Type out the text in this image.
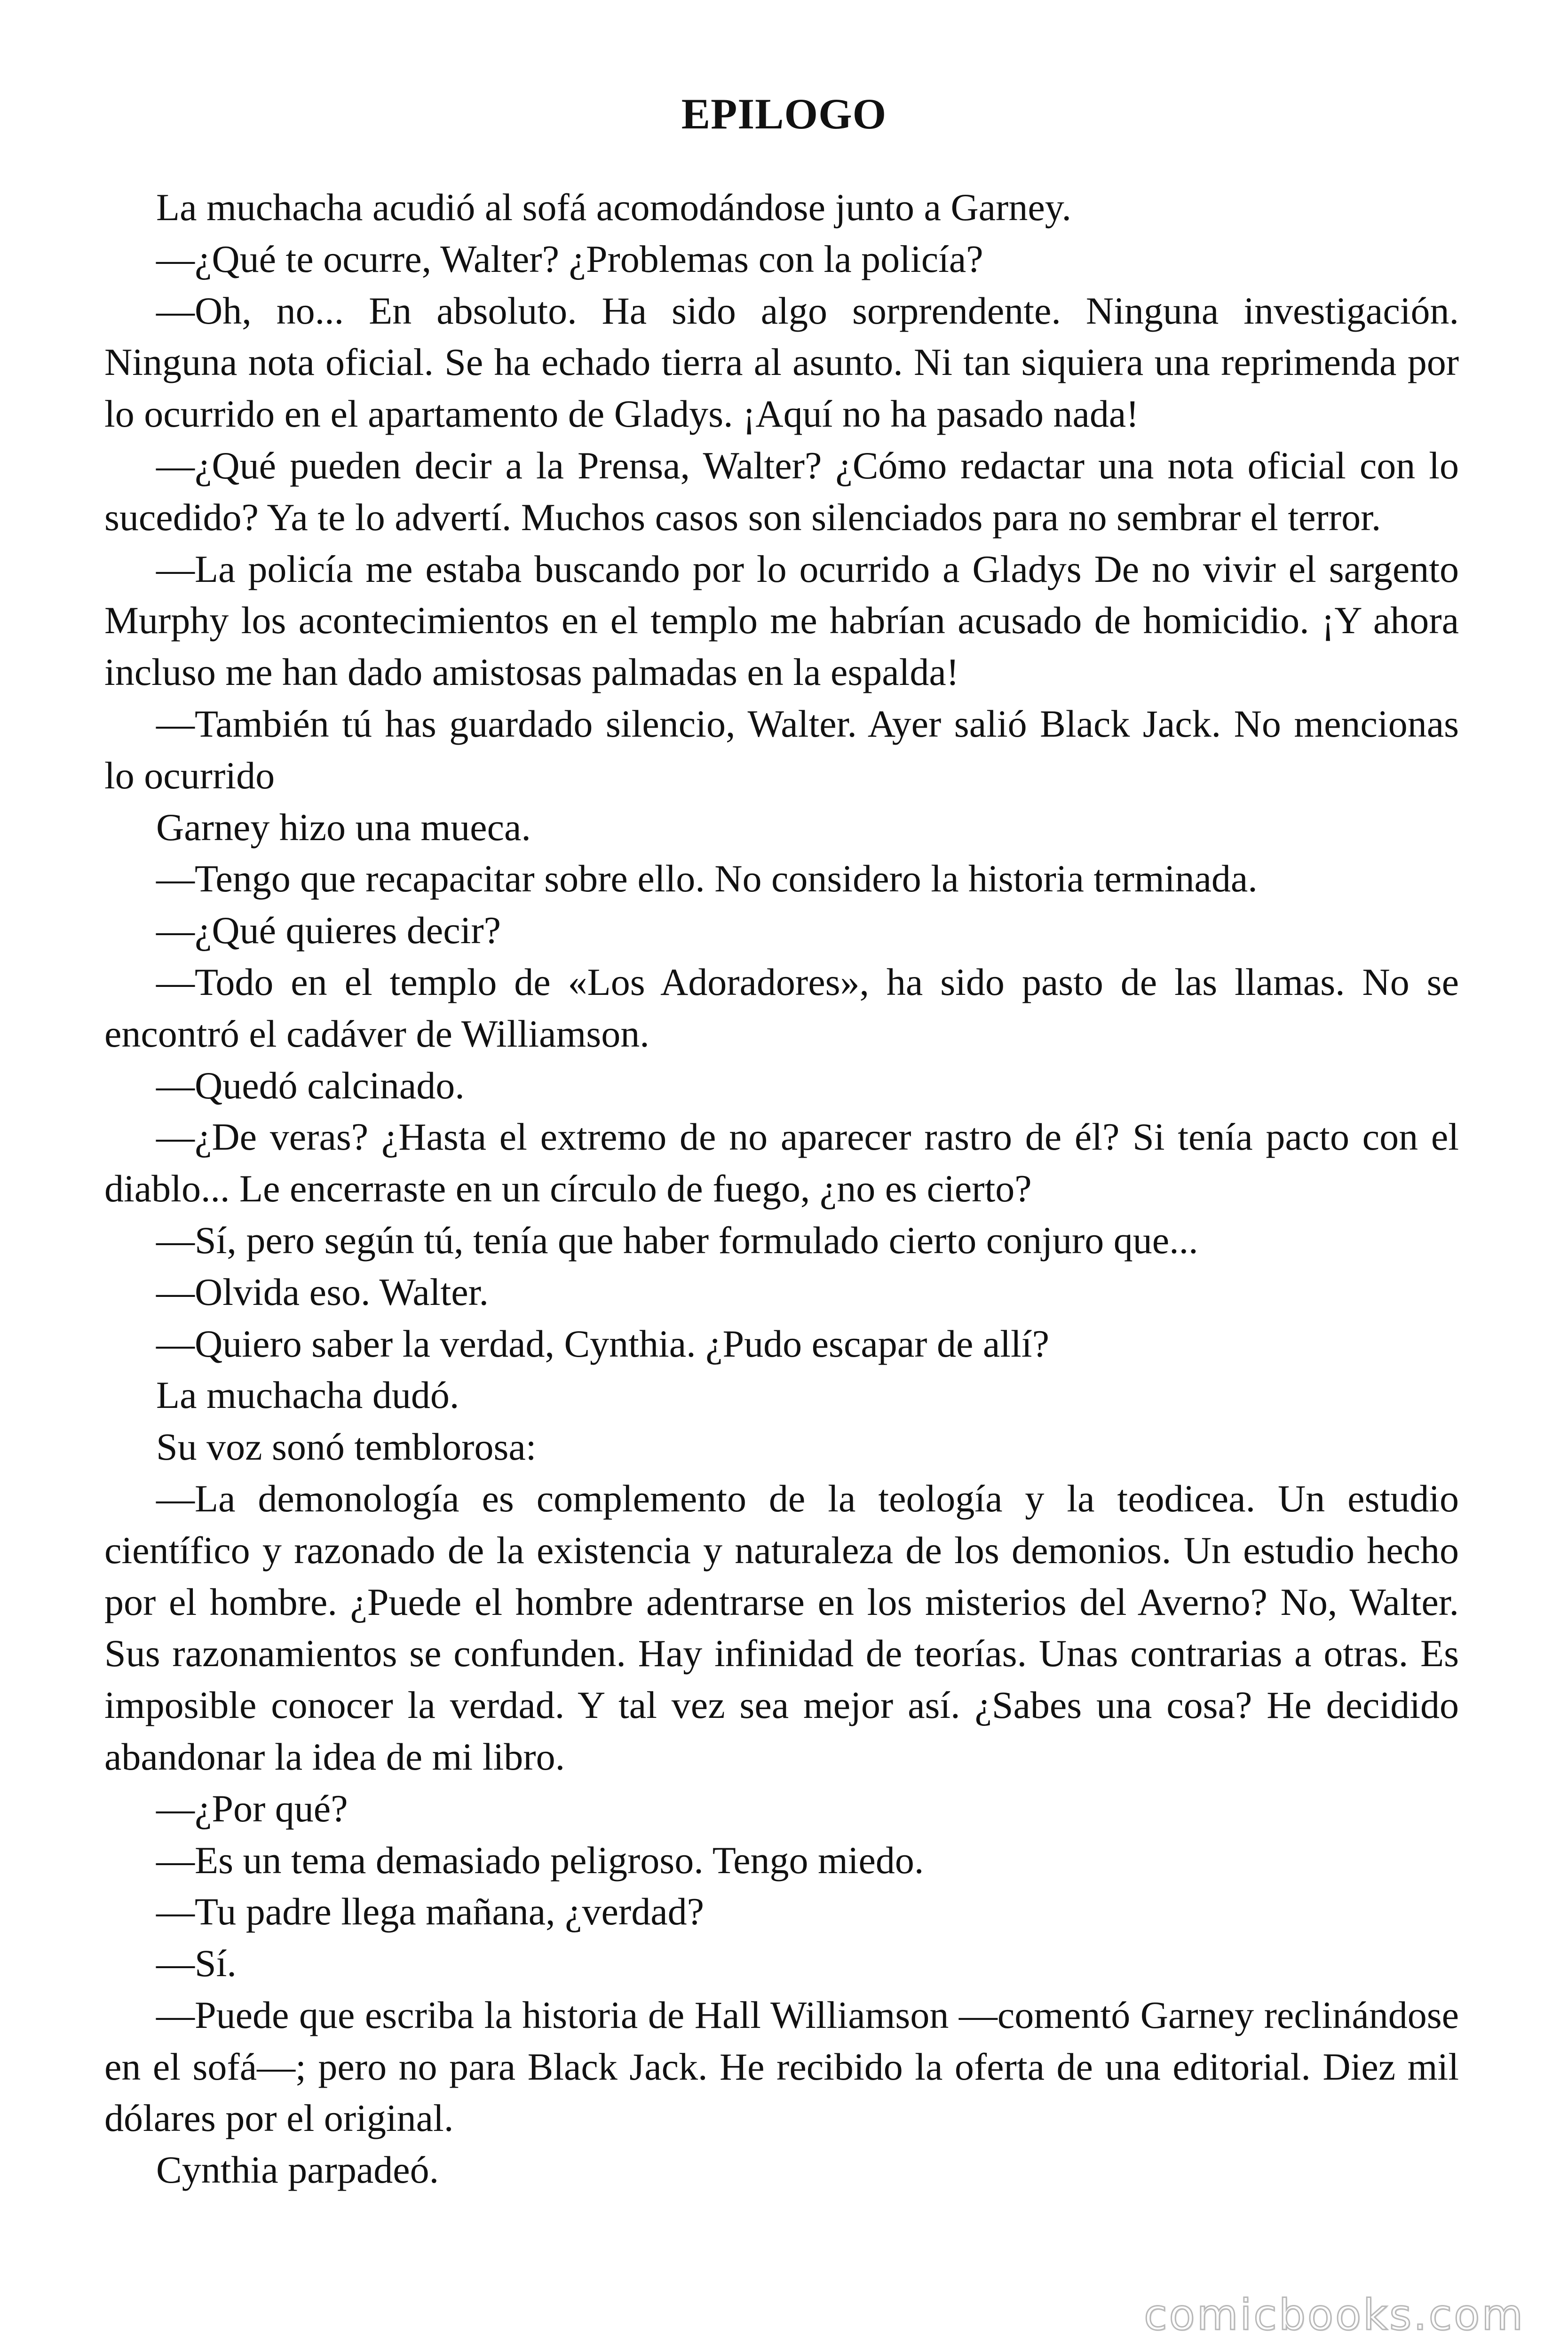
EPILOGO

La muchacha acudió al sofá acomodándose junto a Garney.

—¿Qué te ocurre, Walter? ¿Problemas con la policía?

—Oh, no... En absoluto. Ha sido algo sorprendente. Ninguna investigación. Ninguna nota oficial. Se ha echado tierra al asunto. Ni tan siquiera una reprimenda por lo ocurrido en el apartamento de Gladys. ¡Aquí no ha pasado nada!

—¿Qué pueden decir a la Prensa, Walter? ¿Cómo redactar una nota oficial con lo sucedido? Ya te lo advertí. Muchos casos son silenciados para no sembrar el terror.

—La policía me estaba buscando por lo ocurrido a Gladys De no vivir el sargento Murphy los acontecimientos en el templo me habrían acusado de homicidio. ¡Y ahora incluso me han dado amistosas palmadas en la espalda!

—También tú has guardado silencio, Walter. Ayer salió Black Jack. No mencionas lo ocurrido

Garney hizo una mueca.

—Tengo que recapacitar sobre ello. No considero la historia terminada.

—¿Qué quieres decir?

—Todo en el templo de «Los Adoradores», ha sido pasto de las llamas. No se encontró el cadáver de Williamson.

—Quedó calcinado.

—¿De veras? ¿Hasta el extremo de no aparecer rastro de él? Si tenía pacto con el diablo... Le encerraste en un círculo de fuego, ¿no es cierto?

—Sí, pero según tú, tenía que haber formulado cierto conjuro que...

—Olvida eso. Walter.

—Quiero saber la verdad, Cynthia. ¿Pudo escapar de allí?

La muchacha dudó.

Su voz sonó temblorosa:

—La demonología es complemento de la teología y la teodicea. Un estudio científico y razonado de la existencia y naturaleza de los demonios. Un estudio hecho por el hombre. ¿Puede el hombre adentrarse en los misterios del Averno? No, Walter. Sus razonamientos se confunden. Hay infinidad de teorías. Unas contrarias a otras. Es imposible conocer la verdad. Y tal vez sea mejor así. ¿Sabes una cosa? He decidido abandonar la idea de mi libro.

—¿Por qué?

—Es un tema demasiado peligroso. Tengo miedo.

—Tu padre llega mañana, ¿verdad?

—Sí.

—Puede que escriba la historia de Hall Williamson —comentó Garney reclinándose en el sofá—; pero no para Black Jack. He recibido la oferta de una editorial. Diez mil dólares por el original.

Cynthia parpadeó.

comicbooks.com
